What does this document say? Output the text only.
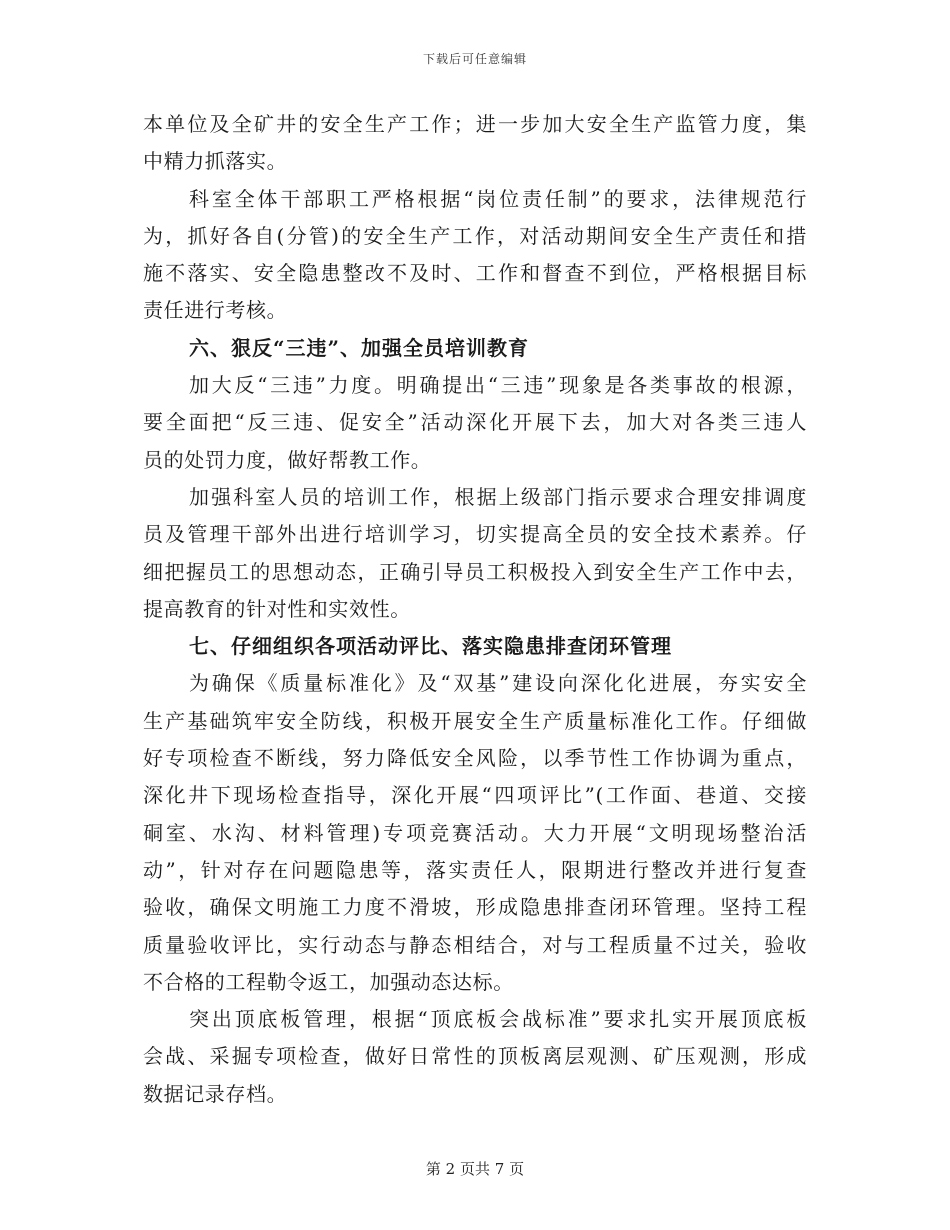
下载后可任意编辑
本单位及全矿井的安全生产工作；进一步加大安全生产监管力度，集
中精力抓落实。
科室全体干部职工严格根据“岗位责任制”的要求，法律规范行
为，抓好各自(分管)的安全生产工作，对活动期间安全生产责任和措
施不落实、安全隐患整改不及时、工作和督查不到位，严格根据目标
责任进行考核。
六、狠反“三违”、加强全员培训教育
加大反“三违”力度。明确提出“三违”现象是各类事故的根源，
要全面把“反三违、促安全”活动深化开展下去，加大对各类三违人
员的处罚力度，做好帮教工作。
加强科室人员的培训工作，根据上级部门指示要求合理安排调度
员及管理干部外出进行培训学习，切实提高全员的安全技术素养。仔
细把握员工的思想动态，正确引导员工积极投入到安全生产工作中去，
提高教育的针对性和实效性。
七、仔细组织各项活动评比、落实隐患排查闭环管理
为确保《质量标准化》及“双基”建设向深化化进展，夯实安全
生产基础筑牢安全防线，积极开展安全生产质量标准化工作。仔细做
好专项检查不断线，努力降低安全风险，以季节性工作协调为重点，
深化井下现场检查指导，深化开展“四项评比”(工作面、巷道、交接
硐室、水沟、材料管理)专项竞赛活动。大力开展“文明现场整治活
动”，针对存在问题隐患等，落实责任人，限期进行整改并进行复查
验收，确保文明施工力度不滑坡，形成隐患排查闭环管理。坚持工程
质量验收评比，实行动态与静态相结合，对与工程质量不过关，验收
不合格的工程勒令返工，加强动态达标。
突出顶底板管理，根据“顶底板会战标准”要求扎实开展顶底板
会战、采掘专项检查，做好日常性的顶板离层观测、矿压观测，形成
数据记录存档。
第 2 页共 7 页
